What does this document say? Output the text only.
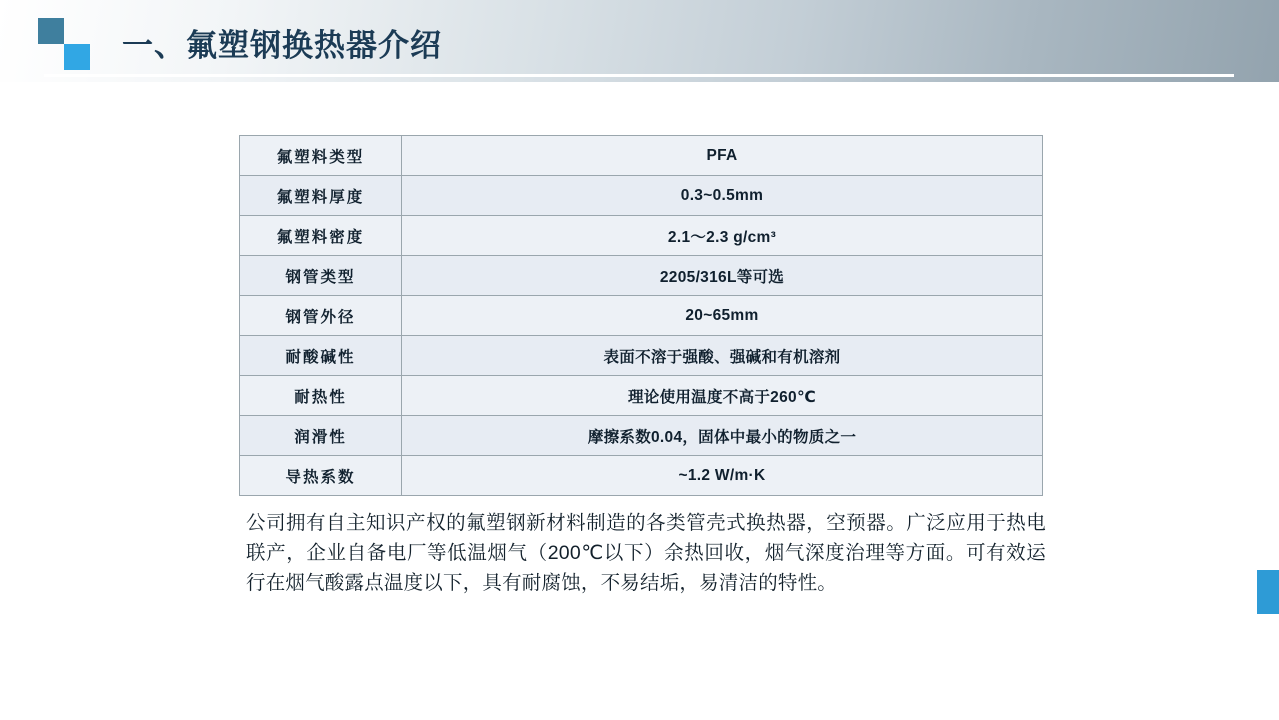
一、氟塑钢换热器介绍
氟塑料类型	PFA
氟塑料厚度	0.3~0.5mm
氟塑料密度	2.1～2.3 g/cm³
钢管类型	2205/316L等可选
钢管外径	20~65mm
耐酸碱性	表面不溶于强酸、强碱和有机溶剂
耐热性	理论使用温度不高于260℃
润滑性	摩擦系数0.04，固体中最小的物质之一
导热系数	~1.2 W/m·K

公司拥有自主知识产权的氟塑钢新材料制造的各类管壳式换热器，空预器。广泛应用于热电联产，企业自备电厂等低温烟气（200℃以下）余热回收，烟气深度治理等方面。可有效运行在烟气酸露点温度以下，具有耐腐蚀，不易结垢，易清洁的特性。
